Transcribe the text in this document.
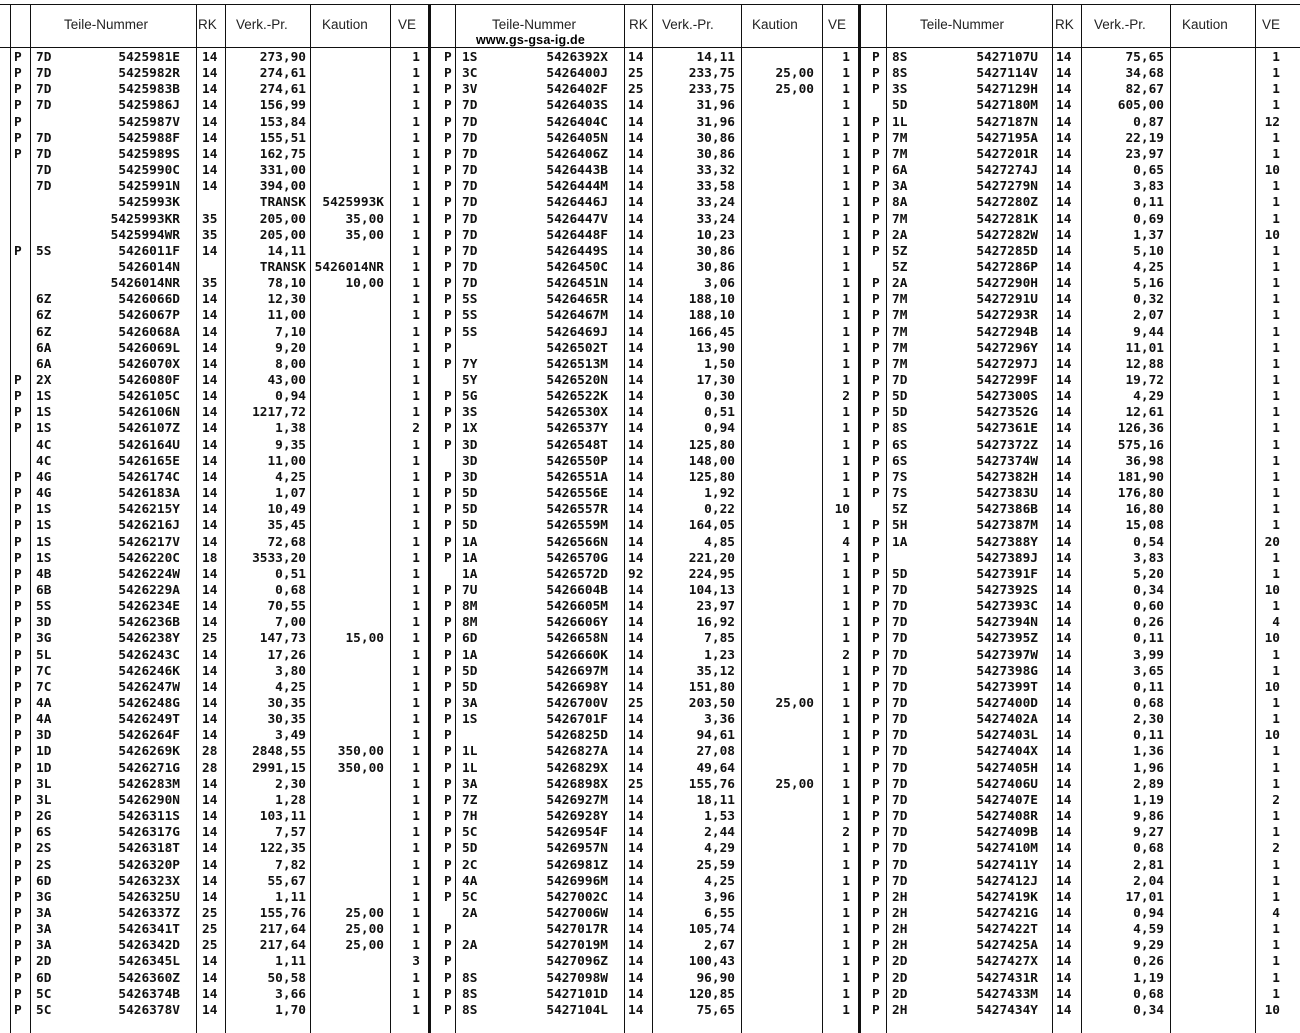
Teile-Nummer	RK Verk.-Pr.	Kaution VE
P 7D	5425981E 14	273,90	1
P 7D	5425982R 14	274,61	1
P 7D	5425983B 14	274,61	1
P 7D	5425986J 14	156,99	1
P	5425987V 14	153,84	1
P 7D	5425988F 14	155,51	1
P 7D	5425989S 14	162,75	1
7D	5425990C 14	331,00	1
7D	5425991N 14	394,00	1
5425993K	TRANSK	5425993K	1
5425993KR 35	205,00	35,00	1
5425994WR 35	205,00	35,00	1
P 5S	5426011F 14	14,11	1
5426014N	TRANSK 5426014NR	1
5426014NR 35	78,10	10,00	1
6Z	5426066D 14	12,30	1
6Z	5426067P 14	11,00	1
6Z	5426068A 14	7,10	1
6A	5426069L 14	9,20	1
6A	5426070X 14	8,00	1
P 2X	5426080F 14	43,00	1
P 1S	5426105C 14	0,94	1
P 1S	5426106N 14	1217,72	1
P 1S	5426107Z 14	1,38	2
4C	5426164U 14	9,35	1
4C	5426165E 14	11,00	1
P 4G	5426174C 14	4,25	1
P 4G	5426183A 14	1,07	1
P 1S	5426215Y 14	10,49	1
P 1S	5426216J 14	35,45	1
P 1S	5426217V 14	72,68	1
P 1S	5426220C 18	3533,20	1
P 4B	5426224W 14	0,51	1
P 6B	5426229A 14	0,68	1
P 5S	5426234E 14	70,55	1
P 3D	5426236B 14	7,00	1
P 3G	5426238Y 25	147,73	15,00	1
P 5L	5426243C 14	17,26	1
P 7C	5426246K 14	3,80	1
P 7C	5426247W 14	4,25	1
P 4A	5426248G 14	30,35	1
P 4A	5426249T 14	30,35	1
P 3D	5426264F 14	3,49	1
P 1D	5426269K 28	2848,55	350,00	1
P 1D	5426271G 28	2991,15	350,00	1
P 3L	5426283M 14	2,30	1
P 3L	5426290N 14	1,28	1
P 2G	5426311S 14	103,11	1
P 6S	5426317G 14	7,57	1
P 2S	5426318T 14	122,35	1
P 2S	5426320P 14	7,82	1
P 6D	5426323X 14	55,67	1
P 3G	5426325U 14	1,11	1
P 3A	5426337Z 25	155,76	25,00	1
P 3A	5426341T 25	217,64	25,00	1
P 3A	5426342D 25	217,64	25,00	1
P 2D	5426345L 14	1,11	3
P 6D	5426360Z 14	50,58	1
P 5C	5426374B 14	3,66	1
P 5C	5426378V 14	1,70	1
Teile-Nummer	RK Verk.-Pr.	Kaution VE
P 1S	5426392X 14	14,11	1
P 3C	5426400J 25	233,75	25,00	1
P 3V	5426402F 25	233,75	25,00	1
P 7D	5426403S 14	31,96	1
P 7D	5426404C 14	31,96	1
P 7D	5426405N 14	30,86	1
P 7D	5426406Z 14	30,86	1
P 7D	5426443B 14	33,32	1
P 7D	5426444M 14	33,58	1
P 7D	5426446J 14	33,24	1
P 7D	5426447V 14	33,24	1
P 7D	5426448F 14	10,23	1
P 7D	5426449S 14	30,86	1
P 7D	5426450C 14	30,86	1
P 7D	5426451N 14	3,06	1
P 5S	5426465R 14	188,10	1
P 5S	5426467M 14	188,10	1
P 5S	5426469J 14	166,45	1
P	5426502T 14	13,90	1
P 7Y	5426513M 14	1,50	1
5Y	5426520N 14	17,30	1
P 5G	5426522K 14	0,30	2
P 3S	5426530X 14	0,51	1
P 1X	5426537Y 14	0,94	1
P 3D	5426548T 14	125,80	1
3D	5426550P 14	148,00	1
P 3D	5426551A 14	125,80	1
P 5D	5426556E 14	1,92	1
P 5D	5426557R 14	0,22	10
P 5D	5426559M 14	164,05	1
P 1A	5426566N 14	4,85	4
P 1A	5426570G 14	221,20	1
1A	5426572D 92	224,95	1
P 7U	5426604B 14	104,13	1
P 8M	5426605M 14	23,97	1
P 8M	5426606Y 14	16,92	1
P 6D	5426658N 14	7,85	1
P 1A	5426660K 14	1,23	2
P 5D	5426697M 14	35,12	1
P 5D	5426698Y 14	151,80	1
P 3A	5426700V 25	203,50	25,00	1
P 1S	5426701F 14	3,36	1
P	5426825D 14	94,61	1
P 1L	5426827A 14	27,08	1
P 1L	5426829X 14	49,64	1
P 3A	5426898X 25	155,76	25,00	1
P 7Z	5426927M 14	18,11	1
P 7H	5426928Y 14	1,53	1
P 5C	5426954F 14	2,44	2
P 5D	5426957N 14	4,29	1
P 2C	5426981Z 14	25,59	1
P 4A	5426996M 14	4,25	1
P 5C	5427002C 14	3,96	1
2A	5427006W 14	6,55	1
P	5427017R 14	105,74	1
P 2A	5427019M 14	2,67	1
P	5427096Z 14	100,43	1
P 8S	5427098W 14	96,90	1
P 8S	5427101D 14	120,85	1
P 8S	5427104L 14	75,65	1
Teile-Nummer	RK Verk.-Pr.	Kaution	VE
P 8S	5427107U 14	75,65	1
P 8S	5427114V 14	34,68	1
P 3S	5427129H 14	82,67	1
5D	5427180M 14	605,00	1
P 1L	5427187N 14	0,87	12
P 7M	5427195A 14	22,19	1
P 7M	5427201R 14	23,97	1
P 6A	5427274J 14	0,65	10
P 3A	5427279N 14	3,83	1
P 8A	5427280Z 14	0,11	1
P 7M	5427281K 14	0,69	1
P 2A	5427282W 14	1,37	10
P 5Z	5427285D 14	5,10	1
5Z	5427286P 14	4,25	1
P 2A	5427290H 14	5,16	1
P 7M	5427291U 14	0,32	1
P 7M	5427293R 14	2,07	1
P 7M	5427294B 14	9,44	1
P 7M	5427296Y 14	11,01	1
P 7M	5427297J 14	12,88	1
P 7D	5427299F 14	19,72	1
P 5D	5427300S 14	4,29	1
P 5D	5427352G 14	12,61	1
P 8S	5427361E 14	126,36	1
P 6S	5427372Z 14	575,16	1
P 6S	5427374W 14	36,98	1
P 7S	5427382H 14	181,90	1
P 7S	5427383U 14	176,80	1
5Z	5427386B 14	16,80	1
P 5H	5427387M 14	15,08	1
P 1A	5427388Y 14	0,54	20
P	5427389J 14	3,83	1
P 5D	5427391F 14	5,20	1
P 7D	5427392S 14	0,34	10
P 7D	5427393C 14	0,60	1
P 7D	5427394N 14	0,26	4
P 7D	5427395Z 14	0,11	10
P 7D	5427397W 14	3,99	1
P 7D	5427398G 14	3,65	1
P 7D	5427399T 14	0,11	10
P 7D	5427400D 14	0,68	1
P 7D	5427402A 14	2,30	1
P 7D	5427403L 14	0,11	10
P 7D	5427404X 14	1,36	1
P 7D	5427405H 14	1,96	1
P 7D	5427406U 14	2,89	1
P 7D	5427407E 14	1,19	2
P 7D	5427408R 14	9,86	1
P 7D	5427409B 14	9,27	1
P 7D	5427410M 14	0,68	2
P 7D	5427411Y 14	2,81	1
P 7D	5427412J 14	2,04	1
P 2H	5427419K 14	17,01	1
P 2H	5427421G 14	0,94	4
P 2H	5427422T 14	4,59	1
P 2H	5427425A 14	9,29	1
P 2D	5427427X 14	0,26	1
P 2D	5427431R 14	1,19	1
P 2D	5427433M 14	0,68	1
P 2H	5427434Y 14	0,34	10
www.gs-gsa-ig.de
